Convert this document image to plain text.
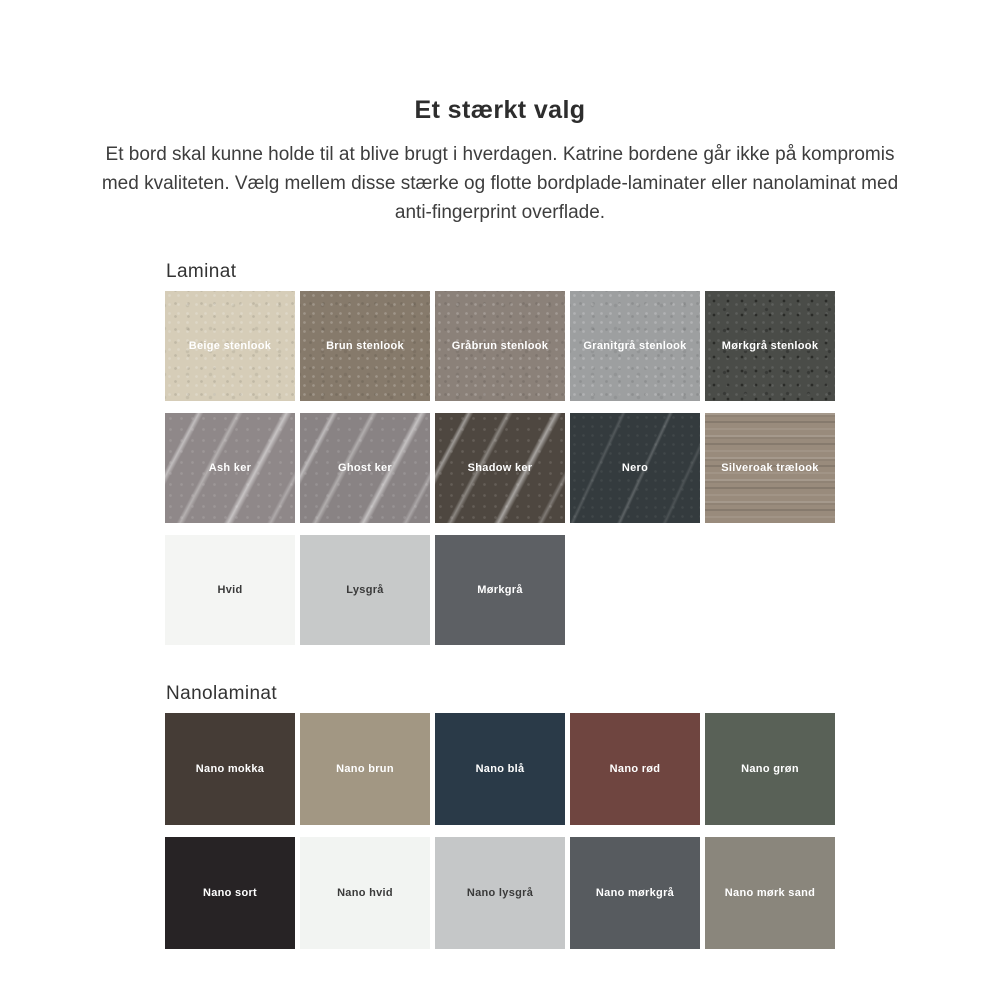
Et stærkt valg

Et bord skal kunne holde til at blive brugt i hverdagen. Katrine bordene går ikke på kompromis med kvaliteten. Vælg mellem disse stærke og flotte bordplade-laminater eller nanolaminat med anti-fingerprint overflade.

Laminat
Beige stenlook	Brun stenlook	Gråbrun stenlook	Granitgrå stenlook	Mørkgrå stenlook
Ash ker	Ghost ker	Shadow ker	Nero	Silveroak trælook
Hvid	Lysgrå	Mørkgrå
Nanolaminat
Nano mokka	Nano brun	Nano blå	Nano rød	Nano grøn
Nano sort	Nano hvid	Nano lysgrå	Nano mørkgrå	Nano mørk sand
